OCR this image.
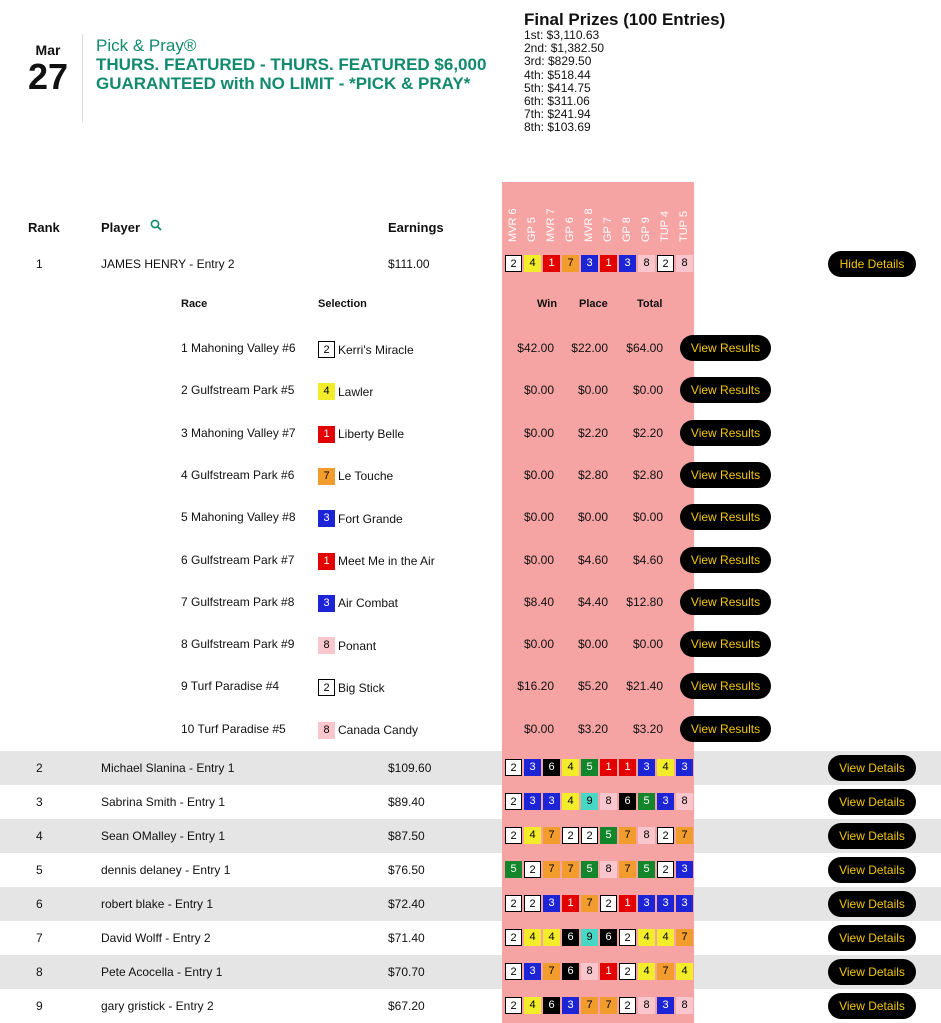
Mar
27
Pick & Pray®
THURS. FEATURED - THURS. FEATURED $6,000 GUARANTEED with NO LIMIT - *PICK & PRAY*
Final Prizes (100 Entries)
1st: $3,110.63
2nd: $1,382.50
3rd: $829.50
4th: $518.44
5th: $414.75
6th: $311.06
7th: $241.94
8th: $103.69
MVR 6 GP 5 MVR 7 GP 6 MVR 8 GP 7 GP 8 GP 9 TUP 4 TUP 5
Rank	Player	Earnings
1	JAMES HENRY - Entry 2	$111.00	2	4	1	7	3	1	3	8	2	8	Hide Details
2	Michael Slanina - Entry 1	$109.60	2	3	6	4	5	1	1	3	4	3	View Details
3	Sabrina Smith - Entry 1	$89.40	2	3	3	4	9	8	6	5	3	8	View Details
4	Sean OMalley - Entry 1	$87.50	2	4	7	2	2	5	7	8	2	7	View Details
5	dennis delaney - Entry 1	$76.50	5	2	7	7	5	8	7	5	2	3	View Details
6	robert blake - Entry 1	$72.40	2	2	3	1	7	2	1	3	3	3	View Details
7	David Wolff - Entry 2	$71.40	2	4	4	6	9	6	2	4	4	7	View Details
8	Pete Acocella - Entry 1	$70.70	2	3	7	6	8	1	2	4	7	4	View Details
9	gary gristick - Entry 2	$67.20	2	4	6	3	7	7	2	8	3	8	View Details
Race	Selection	Win Place	Total
1 Mahoning Valley #6	2 Kerri's Miracle	$42.00 $22.00 $64.00	View Results
2 Gulfstream Park #5	4 Lawler	$0.00 $0.00 $0.00	View Results
3 Mahoning Valley #7	1 Liberty Belle	$0.00 $2.20 $2.20	View Results
4 Gulfstream Park #6	7 Le Touche	$0.00 $2.80 $2.80	View Results
5 Mahoning Valley #8	3 Fort Grande	$0.00 $0.00 $0.00	View Results
6 Gulfstream Park #7	1 Meet Me in the Air	$0.00 $4.60 $4.60	View Results
7 Gulfstream Park #8	3 Air Combat	$8.40 $4.40 $12.80	View Results
8 Gulfstream Park #9	8 Ponant	$0.00 $0.00 $0.00	View Results
9 Turf Paradise #4	2 Big Stick	$16.20 $5.20 $21.40	View Results
10 Turf Paradise #5	8 Canada Candy	$0.00 $3.20 $3.20	View Results
